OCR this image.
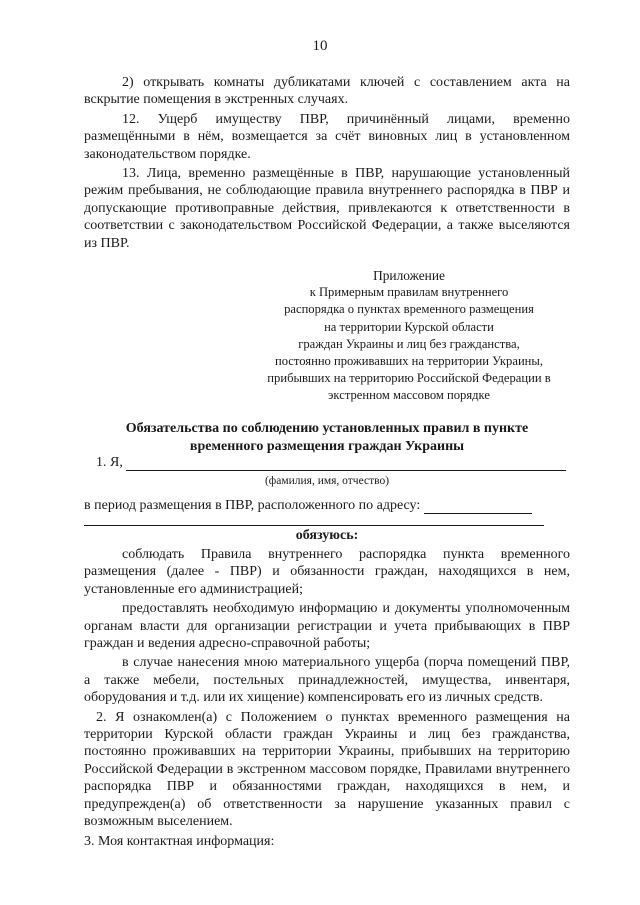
10

2) открывать комнаты дубликатами ключей с составлением акта на вскрытие помещения в экстренных случаях.

12. Ущерб имуществу ПВР, причинённый лицами, временно размещёнными в нём, возмещается за счёт виновных лиц в установленном законодательством порядке.

13. Лица, временно размещённые в ПВР, нарушающие установленный режим пребывания, не соблюдающие правила внутреннего распорядка в ПВР и допускающие противоправные действия, привлекаются к ответственности в соответствии с законодательством Российской Федерации, а также выселяются из ПВР.

Приложение
к Примерным правилам внутреннего
распорядка о пунктах временного размещения
на территории Курской области
граждан Украины и лиц без гражданства,
постоянно проживавших на территории Украины,
прибывших на территорию Российской Федерации в
экстренном массовом порядке
Обязательства по соблюдению установленных правил в пункте
временного размещения граждан Украины
1. Я,
(фамилия, имя, отчество)
в период размещения в ПВР, расположенного по адресу:
обязуюсь:

соблюдать Правила внутреннего распорядка пункта временного размещения (далее - ПВР) и обязанности граждан, находящихся в нем, установленные его администрацией;

предоставлять необходимую информацию и документы уполномоченным органам власти для организации регистрации и учета прибывающих в ПВР граждан и ведения адресно-справочной работы;

в случае нанесения мною материального ущерба (порча помещений ПВР, а также мебели, постельных принадлежностей, имущества, инвентаря, оборудования и т.д. или их хищение) компенсировать его из личных средств.

2. Я ознакомлен(а) с Положением о пунктах временного размещения на территории Курской области граждан Украины и лиц без гражданства, постоянно проживавших на территории Украины, прибывших на территорию Российской Федерации в экстренном массовом порядке, Правилами внутреннего распорядка ПВР и обязанностями граждан, находящихся в нем, и предупрежден(а) об ответственности за нарушение указанных правил с возможным выселением.

3. Моя контактная информация:
